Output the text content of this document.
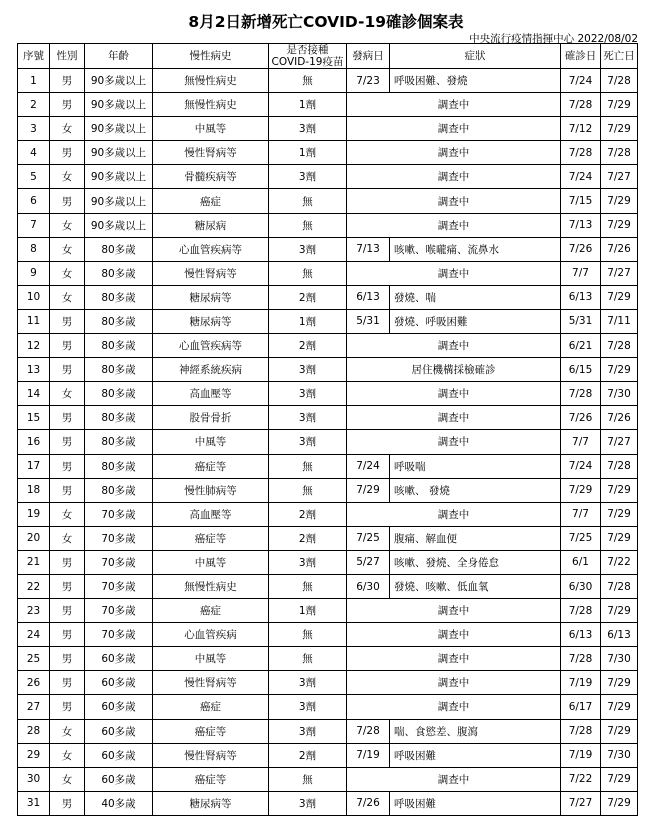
8月2日新增死亡COVID-19確診個案表
中央流行疫情指揮中心 2022/08/02
序號	性別	年齡	慢性病史	是否接種
COVID-19疫苗	發病日	症狀	確診日	死亡日
1	男	90多歲以上	無慢性病史	無	7/23	呼吸困難、發燒	7/24	7/28
2	男	90多歲以上	無慢性病史	1劑	調查中		7/28	7/29
3	女	90多歲以上	中風等	3劑	調查中		7/12	7/29
4	男	90多歲以上	慢性腎病等	1劑	調查中		7/28	7/28
5	女	90多歲以上	骨髓疾病等	3劑	調查中		7/24	7/27
6	男	90多歲以上	癌症	無	調查中		7/15	7/29
7	女	90多歲以上	糖尿病	無	調查中		7/13	7/29
8	女	80多歲	心血管疾病等	3劑	7/13	咳嗽、喉嚨痛、流鼻水	7/26	7/26
9	女	80多歲	慢性腎病等	無	調查中		7/7	7/27
10	女	80多歲	糖尿病等	2劑	6/13	發燒、喘	6/13	7/29
11	男	80多歲	糖尿病等	1劑	5/31	發燒、呼吸困難	5/31	7/11
12	男	80多歲	心血管疾病等	2劑	調查中		6/21	7/28
13	男	80多歲	神經系統疾病	3劑	居住機構採檢確診		6/15	7/29
14	女	80多歲	高血壓等	3劑	調查中		7/28	7/30
15	男	80多歲	股骨骨折	3劑	調查中		7/26	7/26
16	男	80多歲	中風等	3劑	調查中		7/7	7/27
17	男	80多歲	癌症等	無	7/24	呼吸喘	7/24	7/28
18	男	80多歲	慢性肺病等	無	7/29	咳嗽、 發燒	7/29	7/29
19	女	70多歲	高血壓等	2劑	調查中		7/7	7/29
20	女	70多歲	癌症等	2劑	7/25	腹痛、解血便	7/25	7/29
21	男	70多歲	中風等	3劑	5/27	咳嗽、發燒、全身倦怠	6/1	7/22
22	男	70多歲	無慢性病史	無	6/30	發燒、咳嗽、低血氧	6/30	7/28
23	男	70多歲	癌症	1劑	調查中		7/28	7/29
24	男	70多歲	心血管疾病	無	調查中		6/13	6/13
25	男	60多歲	中風等	無	調查中		7/28	7/30
26	男	60多歲	慢性腎病等	3劑	調查中		7/19	7/29
27	男	60多歲	癌症	3劑	調查中		6/17	7/29
28	女	60多歲	癌症等	3劑	7/28	喘、食慾差、腹瀉	7/28	7/29
29	女	60多歲	慢性腎病等	2劑	7/19	呼吸困難	7/19	7/30
30	女	60多歲	癌症等	無	調查中		7/22	7/29
31	男	40多歲	糖尿病等	3劑	7/26	呼吸困難	7/27	7/29
